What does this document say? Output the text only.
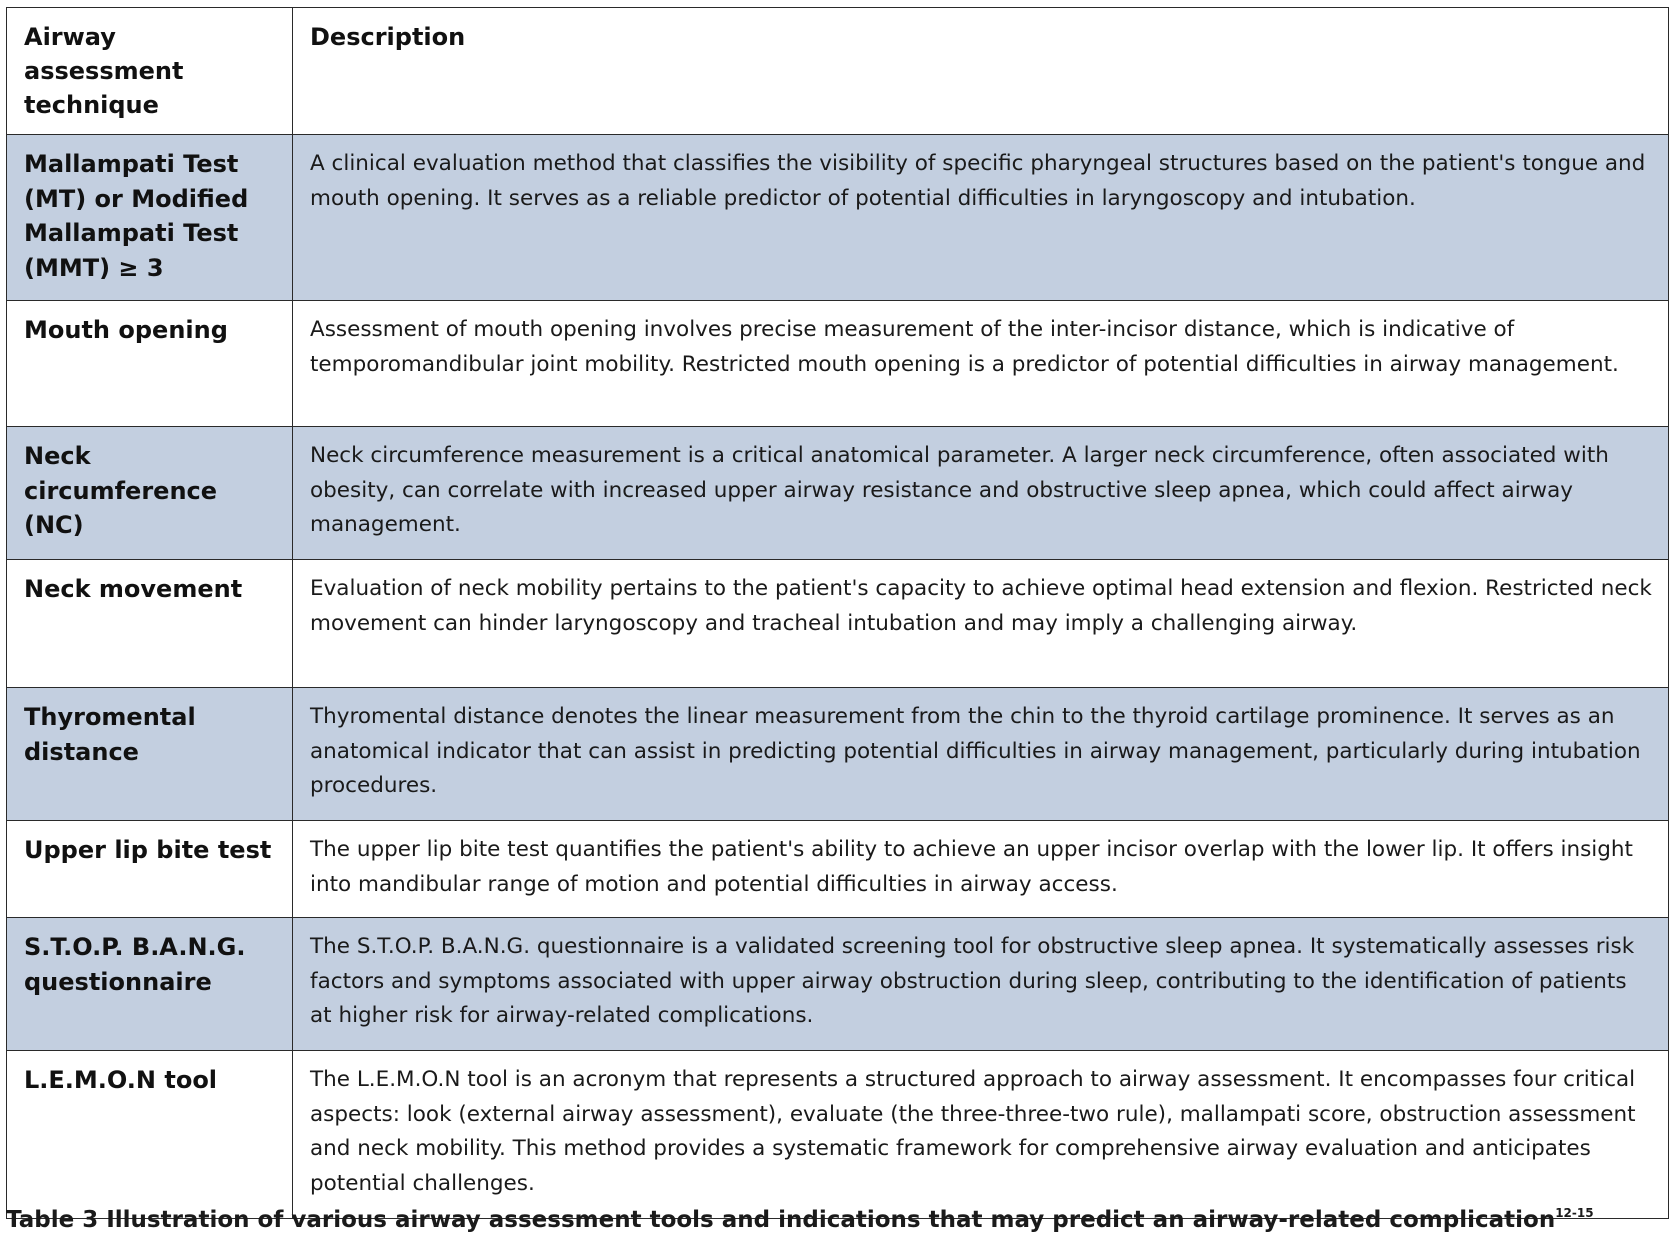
Airway assessment technique	Description
Mallampati Test (MT) or Modified Mallampati Test (MMT) ≥ 3	A clinical evaluation method that classifies the visibility of specific pharyngeal structures based on the patient's tongue and mouth opening. It serves as a reliable predictor of potential difficulties in laryngoscopy and intubation.
Mouth opening	Assessment of mouth opening involves precise measurement of the inter-incisor distance, which is indicative of temporomandibular joint mobility. Restricted mouth opening is a predictor of potential difficulties in airway management.
Neck circumference (NC)	Neck circumference measurement is a critical anatomical parameter. A larger neck circumference, often associated with obesity, can correlate with increased upper airway resistance and obstructive sleep apnea, which could affect airway management.
Neck movement	Evaluation of neck mobility pertains to the patient's capacity to achieve optimal head extension and flexion. Restricted neck movement can hinder laryngoscopy and tracheal intubation and may imply a challenging airway.
Thyromental distance	Thyromental distance denotes the linear measurement from the chin to the thyroid cartilage prominence. It serves as an anatomical indicator that can assist in predicting potential difficulties in airway management, particularly during intubation procedures.
Upper lip bite test	The upper lip bite test quantifies the patient's ability to achieve an upper incisor overlap with the lower lip. It offers insight into mandibular range of motion and potential difficulties in airway access.
S.T.O.P. B.A.N.G. questionnaire	The S.T.O.P. B.A.N.G. questionnaire is a validated screening tool for obstructive sleep apnea. It systematically assesses risk factors and symptoms associated with upper airway obstruction during sleep, contributing to the identification of patients at higher risk for airway-related complications.
L.E.M.O.N tool	The L.E.M.O.N tool is an acronym that represents a structured approach to airway assessment. It encompasses four critical aspects: look (external airway assessment), evaluate (the three-three-two rule), mallampati score, obstruction assessment and neck mobility. This method provides a systematic framework for comprehensive airway evaluation and anticipates potential challenges.
Table 3 Illustration of various airway assessment tools and indications that may predict an airway-related complication$^{12-15}$
